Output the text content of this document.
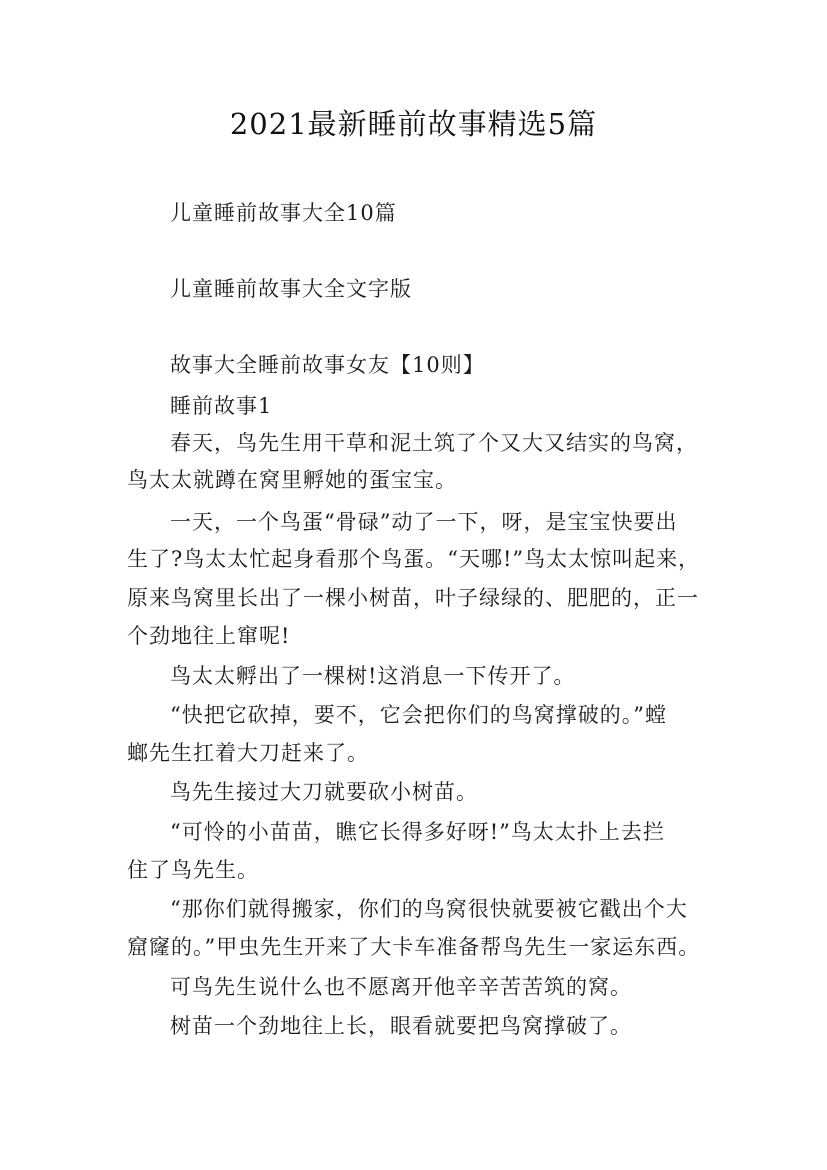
2021最新睡前故事精选5篇
儿童睡前故事大全10篇
儿童睡前故事大全文字版
故事大全睡前故事女友【10则】
睡前故事1
春天，鸟先生用干草和泥土筑了个又大又结实的鸟窝，
鸟太太就蹲在窝里孵她的蛋宝宝。
一天，一个鸟蛋“骨碌”动了一下，呀，是宝宝快要出
生了?鸟太太忙起身看那个鸟蛋。“天哪!”鸟太太惊叫起来，
原来鸟窝里长出了一棵小树苗，叶子绿绿的、肥肥的，正一
个劲地往上窜呢!
鸟太太孵出了一棵树!这消息一下传开了。
“快把它砍掉，要不，它会把你们的鸟窝撑破的。”螳
螂先生扛着大刀赶来了。
鸟先生接过大刀就要砍小树苗。
“可怜的小苗苗，瞧它长得多好呀!”鸟太太扑上去拦
住了鸟先生。
“那你们就得搬家，你们的鸟窝很快就要被它戳出个大
窟窿的。”甲虫先生开来了大卡车准备帮鸟先生一家运东西。
可鸟先生说什么也不愿离开他辛辛苦苦筑的窝。
树苗一个劲地往上长，眼看就要把鸟窝撑破了。
